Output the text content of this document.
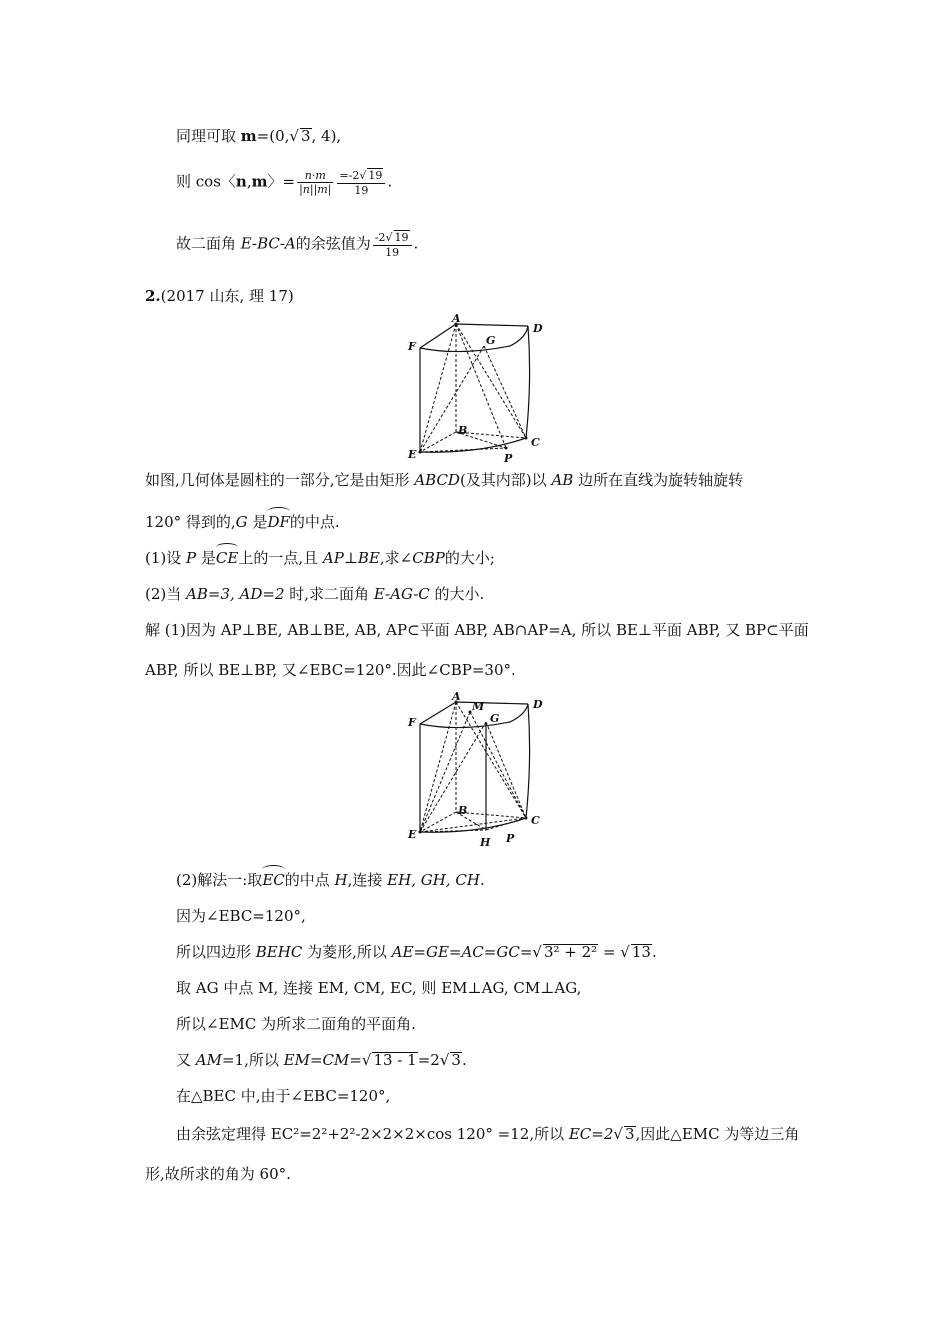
同理可取 m=(0,√ 3, 4),
则 cos〈n,m〉= $\frac{n\cdot m}{|n||m|} \frac{=-2√ 19}{19}$ .
故二面角 E-BC-A的余弦值为 $\frac{-2√ 19}{19}$ .
2.(2017 山东, 理 17)
A
D
F	G
B
E
C
P
如图,几何体是圆柱的一部分,它是由矩形 ABCD(及其内部)以 AB 边所在直线为旋转轴旋转
120° 得到的,G 是DF的中点.
(1)设 P 是CE上的一点,且 AP⊥BE,求∠CBP的大小;
(2)当 AB=3, AD=2 时,求二面角 E-AG-C 的大小.
解 (1)因为 AP⊥BE, AB⊥BE, AB, AP⊂平面 ABP, AB∩AP=A, 所以 BE⊥平面 ABP, 又 BP⊂平面
ABP, 所以 BE⊥BP, 又∠EBC=120°.因此∠CBP=30°.
A
M	D
F	G
B
E
C
H P
(2)解法一:取EC的中点 H,连接 EH, GH, CH.
因为∠EBC=120°,
所以四边形 BEHC 为菱形,所以 AE=GE=AC=GC=√ 3² + 2² = √ 13.
取 AG 中点 M, 连接 EM, CM, EC, 则 EM⊥AG, CM⊥AG,
所以∠EMC 为所求二面角的平面角.
又 AM=1,所以 EM=CM=√ 13 - 1=2√ 3.
在△BEC 中,由于∠EBC=120°,
由余弦定理得 EC²=2²+2²-2×2×2×cos 120° =12,所以 EC=2√ 3,因此△EMC 为等边三角
形,故所求的角为 60°.
